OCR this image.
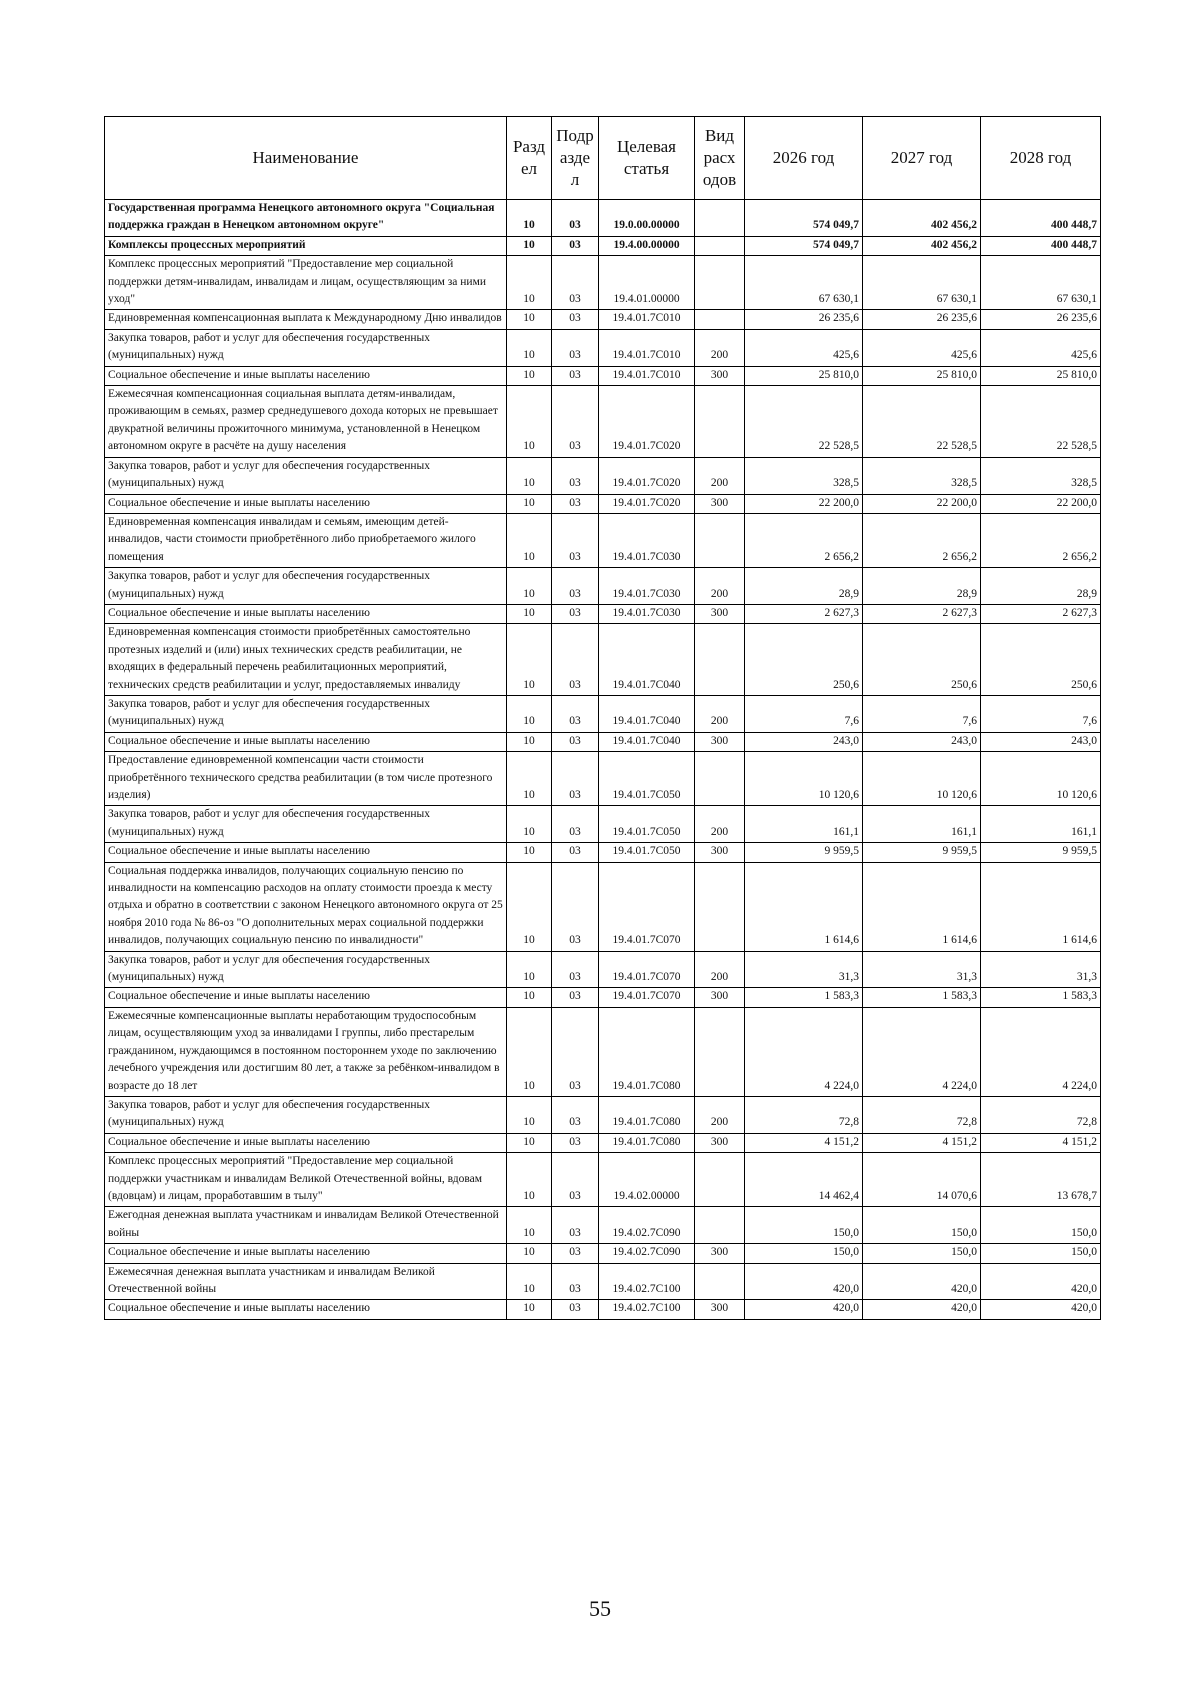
Наименование	Разд ел	Подр азде л	Целевая статья	Вид расх одов	2026 год	2027 год	2028 год
Государственная программа Ненецкого автономного округа "Социальная поддержка граждан в Ненецком автономном округе"	10	03	19.0.00.00000		574 049,7	402 456,2	400 448,7
Комплексы процессных мероприятий	10	03	19.4.00.00000		574 049,7	402 456,2	400 448,7
Комплекс процессных мероприятий "Предоставление мер социальной поддержки детям-инвалидам, инвалидам и лицам, осуществляющим за ними уход"	10	03	19.4.01.00000		67 630,1	67 630,1	67 630,1
Единовременная компенсационная выплата к Международному Дню инвалидов	10	03	19.4.01.7С010		26 235,6	26 235,6	26 235,6
Закупка товаров, работ и услуг для обеспечения государственных (муниципальных) нужд	10	03	19.4.01.7С010	200	425,6	425,6	425,6
Социальное обеспечение и иные выплаты населению	10	03	19.4.01.7С010	300	25 810,0	25 810,0	25 810,0
Ежемесячная компенсационная социальная выплата детям-инвалидам, проживающим в семьях, размер среднедушевого дохода которых не превышает двукратной величины прожиточного минимума, установленной в Ненецком автономном округе в расчёте на душу населения	10	03	19.4.01.7С020		22 528,5	22 528,5	22 528,5
Закупка товаров, работ и услуг для обеспечения государственных (муниципальных) нужд	10	03	19.4.01.7С020	200	328,5	328,5	328,5
Социальное обеспечение и иные выплаты населению	10	03	19.4.01.7С020	300	22 200,0	22 200,0	22 200,0
Единовременная компенсация инвалидам и семьям, имеющим детей-инвалидов, части стоимости приобретённого либо приобретаемого жилого помещения	10	03	19.4.01.7С030		2 656,2	2 656,2	2 656,2
Закупка товаров, работ и услуг для обеспечения государственных (муниципальных) нужд	10	03	19.4.01.7С030	200	28,9	28,9	28,9
Социальное обеспечение и иные выплаты населению	10	03	19.4.01.7С030	300	2 627,3	2 627,3	2 627,3
Единовременная компенсация стоимости приобретённых самостоятельно протезных изделий и (или) иных технических средств реабилитации, не входящих в федеральный перечень реабилитационных мероприятий, технических средств реабилитации и услуг, предоставляемых инвалиду	10	03	19.4.01.7С040		250,6	250,6	250,6
Закупка товаров, работ и услуг для обеспечения государственных (муниципальных) нужд	10	03	19.4.01.7С040	200	7,6	7,6	7,6
Социальное обеспечение и иные выплаты населению	10	03	19.4.01.7С040	300	243,0	243,0	243,0
Предоставление единовременной компенсации части стоимости приобретённого технического средства реабилитации (в том числе протезного изделия)	10	03	19.4.01.7С050		10 120,6	10 120,6	10 120,6
Закупка товаров, работ и услуг для обеспечения государственных (муниципальных) нужд	10	03	19.4.01.7С050	200	161,1	161,1	161,1
Социальное обеспечение и иные выплаты населению	10	03	19.4.01.7С050	300	9 959,5	9 959,5	9 959,5
Социальная поддержка инвалидов, получающих социальную пенсию по инвалидности на компенсацию расходов на оплату стоимости проезда к месту отдыха и обратно в соответствии с законом Ненецкого автономного округа от 25 ноября 2010 года № 86-оз "О дополнительных мерах социальной поддержки инвалидов, получающих социальную пенсию по инвалидности"	10	03	19.4.01.7С070		1 614,6	1 614,6	1 614,6
Закупка товаров, работ и услуг для обеспечения государственных (муниципальных) нужд	10	03	19.4.01.7С070	200	31,3	31,3	31,3
Социальное обеспечение и иные выплаты населению	10	03	19.4.01.7С070	300	1 583,3	1 583,3	1 583,3
Ежемесячные компенсационные выплаты неработающим трудоспособным лицам, осуществляющим уход за инвалидами I группы, либо престарелым гражданином, нуждающимся в постоянном постороннем уходе по заключению лечебного учреждения или достигшим 80 лет, а также за ребёнком-инвалидом в возрасте до 18 лет	10	03	19.4.01.7С080		4 224,0	4 224,0	4 224,0
Закупка товаров, работ и услуг для обеспечения государственных (муниципальных) нужд	10	03	19.4.01.7С080	200	72,8	72,8	72,8
Социальное обеспечение и иные выплаты населению	10	03	19.4.01.7С080	300	4 151,2	4 151,2	4 151,2
Комплекс процессных мероприятий "Предоставление мер социальной поддержки участникам и инвалидам Великой Отечественной войны, вдовам (вдовцам) и лицам, проработавшим в тылу"	10	03	19.4.02.00000		14 462,4	14 070,6	13 678,7
Ежегодная денежная выплата участникам и инвалидам Великой Отечественной войны	10	03	19.4.02.7С090		150,0	150,0	150,0
Социальное обеспечение и иные выплаты населению	10	03	19.4.02.7С090	300	150,0	150,0	150,0
Ежемесячная денежная выплата участникам и инвалидам Великой Отечественной войны	10	03	19.4.02.7С100		420,0	420,0	420,0
Социальное обеспечение и иные выплаты населению	10	03	19.4.02.7С100	300	420,0	420,0	420,0
55
